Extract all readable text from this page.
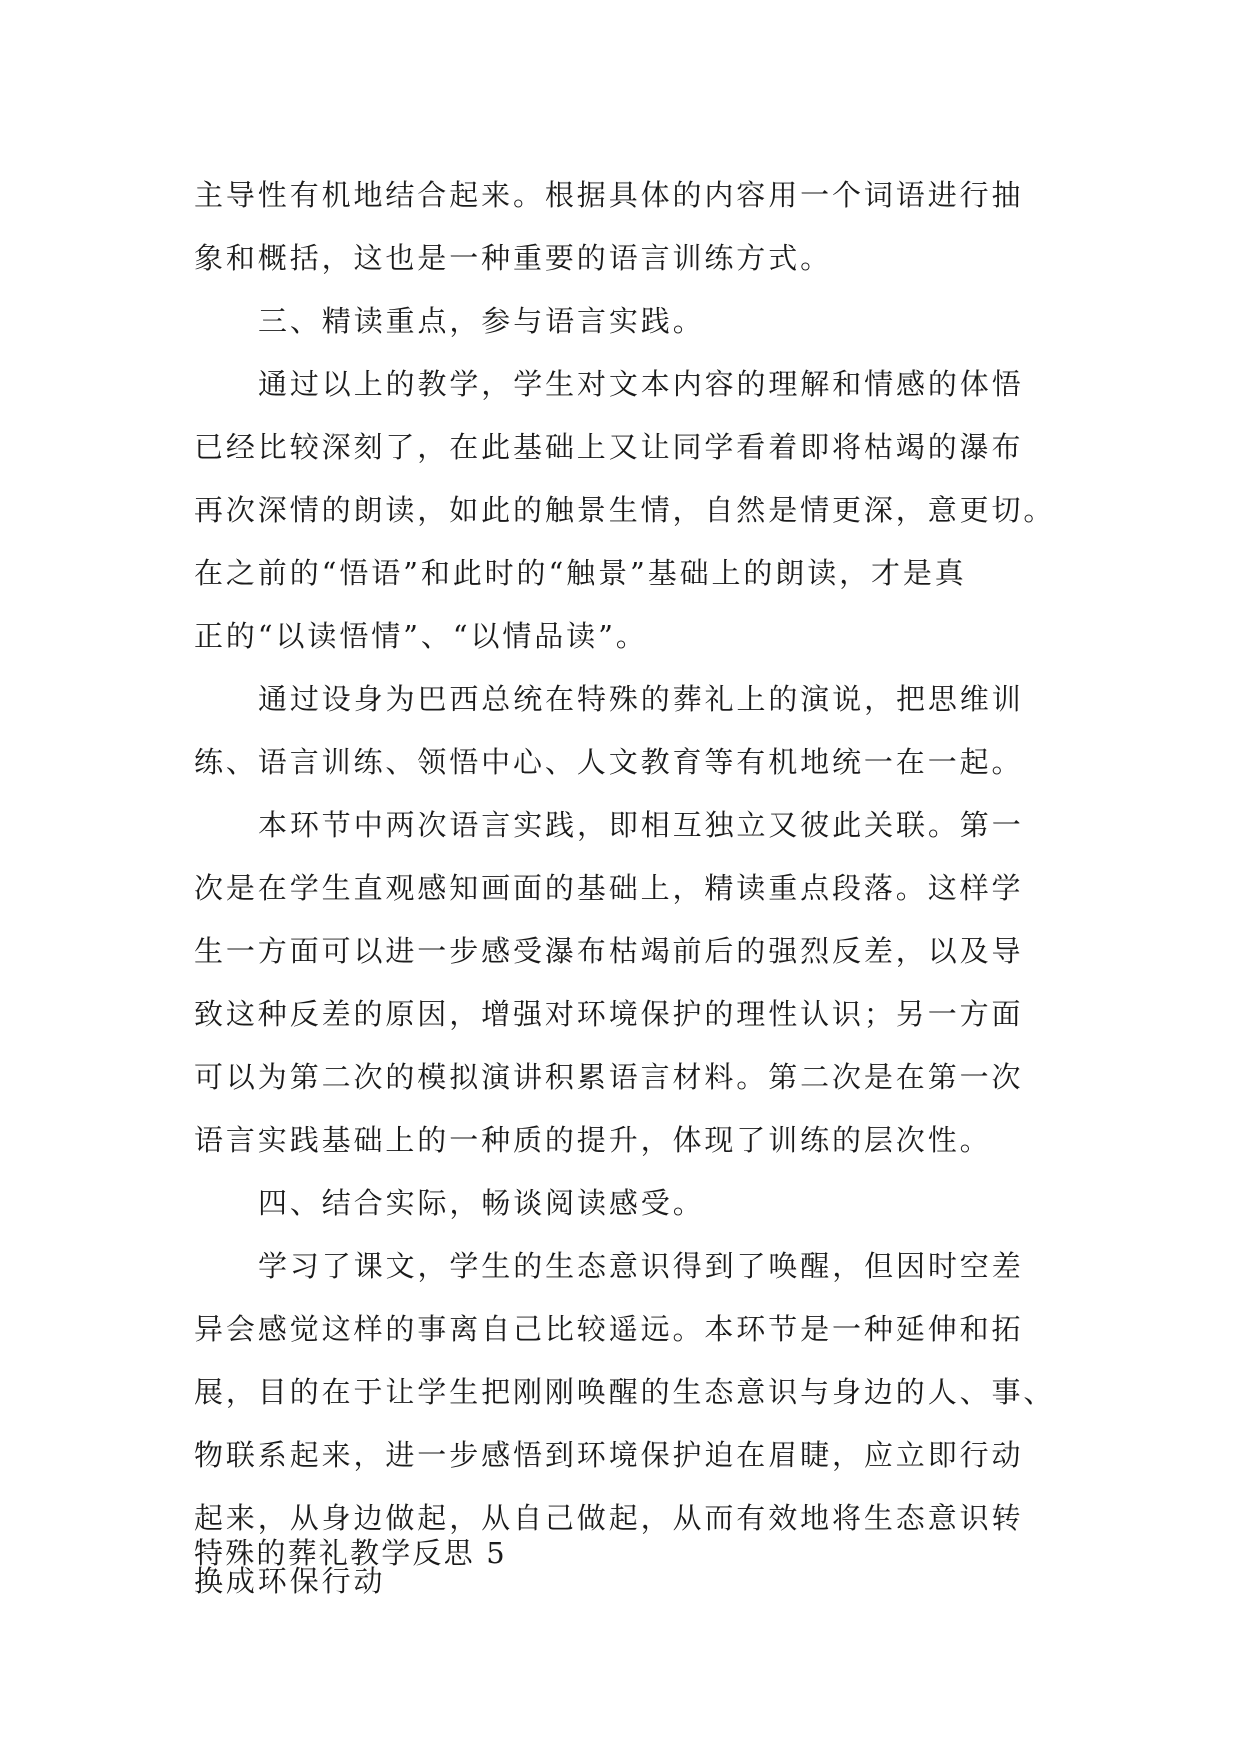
主导性有机地结合起来。根据具体的内容用一个词语进行抽
象和概括，这也是一种重要的语言训练方式。
三、精读重点，参与语言实践。
通过以上的教学，学生对文本内容的理解和情感的体悟
已经比较深刻了，在此基础上又让同学看着即将枯竭的瀑布
再次深情的朗读，如此的触景生情，自然是情更深，意更切。
在之前的“悟语”和此时的“触景”基础上的朗读，才是真
正的“以读悟情”、“以情品读”。
通过设身为巴西总统在特殊的葬礼上的演说，把思维训
练、语言训练、领悟中心、人文教育等有机地统一在一起。
本环节中两次语言实践，即相互独立又彼此关联。第一
次是在学生直观感知画面的基础上，精读重点段落。这样学
生一方面可以进一步感受瀑布枯竭前后的强烈反差，以及导
致这种反差的原因，增强对环境保护的理性认识；另一方面
可以为第二次的模拟演讲积累语言材料。第二次是在第一次
语言实践基础上的一种质的提升，体现了训练的层次性。
四、结合实际，畅谈阅读感受。
学习了课文，学生的生态意识得到了唤醒，但因时空差
异会感觉这样的事离自己比较遥远。本环节是一种延伸和拓
展，目的在于让学生把刚刚唤醒的生态意识与身边的人、事、
物联系起来，进一步感悟到环境保护迫在眉睫，应立即行动
起来，从身边做起，从自己做起，从而有效地将生态意识转
换成环保行动
特殊的葬礼教学反思 5
